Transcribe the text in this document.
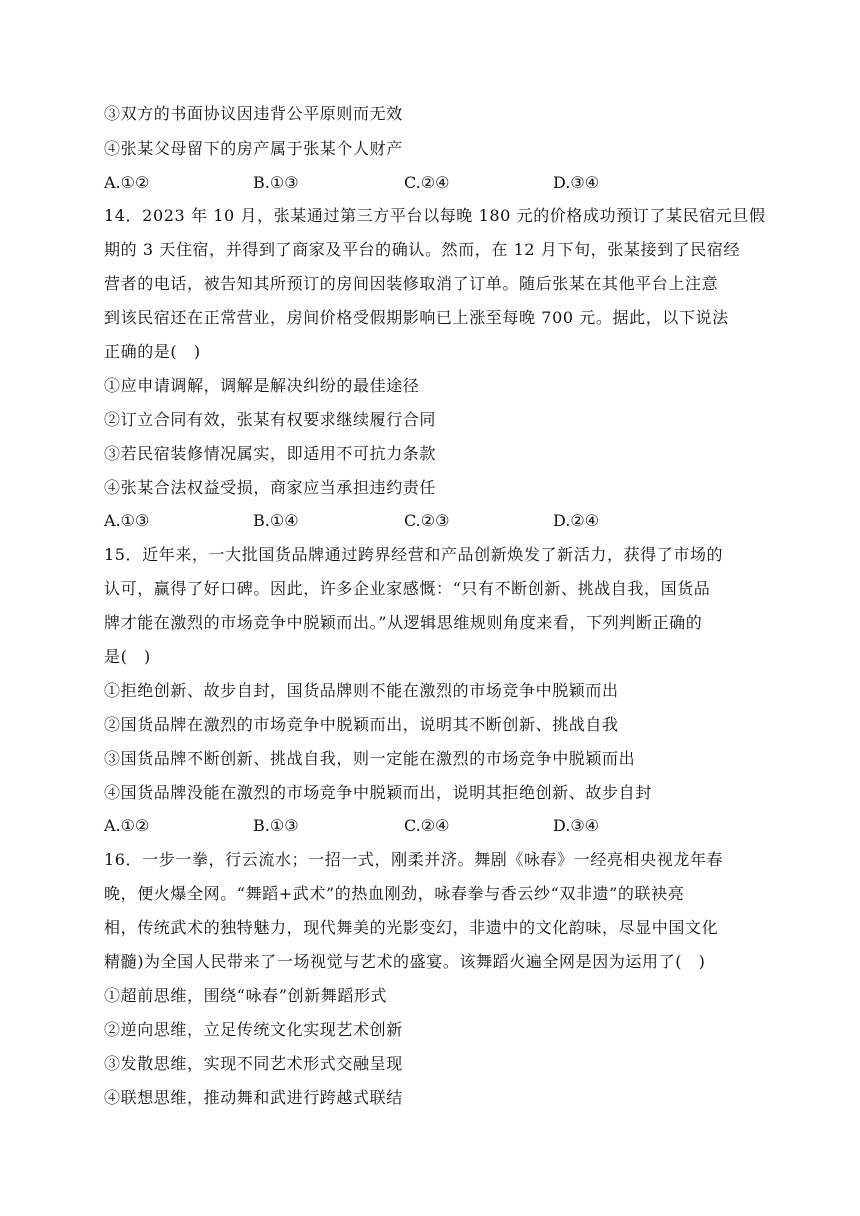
③双方的书面协议因违背公平原则而无效
④张某父母留下的房产属于张某个人财产
A.①②	B.①③	C.②④	D.③④
14．2023 年 10 月，张某通过第三方平台以每晚 180 元的价格成功预订了某民宿元旦假
期的 3 天住宿，并得到了商家及平台的确认。然而，在 12 月下旬，张某接到了民宿经
营者的电话，被告知其所预订的房间因装修取消了订单。随后张某在其他平台上注意
到该民宿还在正常营业，房间价格受假期影响已上涨至每晚 700 元。据此，以下说法
正确的是(　)
①应申请调解，调解是解决纠纷的最佳途径
②订立合同有效，张某有权要求继续履行合同
③若民宿装修情况属实，即适用不可抗力条款
④张某合法权益受损，商家应当承担违约责任
A.①③	B.①④	C.②③	D.②④
15．近年来，一大批国货品牌通过跨界经营和产品创新焕发了新活力，获得了市场的
认可，赢得了好口碑。因此，许多企业家感慨：“只有不断创新、挑战自我，国货品
牌才能在激烈的市场竞争中脱颖而出。”从逻辑思维规则角度来看，下列判断正确的
是(　)
①拒绝创新、故步自封，国货品牌则不能在激烈的市场竞争中脱颖而出
②国货品牌在激烈的市场竞争中脱颖而出，说明其不断创新、挑战自我
③国货品牌不断创新、挑战自我，则一定能在激烈的市场竞争中脱颖而出
④国货品牌没能在激烈的市场竞争中脱颖而出，说明其拒绝创新、故步自封
A.①②	B.①③	C.②④	D.③④
16．一步一拳，行云流水；一招一式，刚柔并济。舞剧《咏春》一经亮相央视龙年春
晚，便火爆全网。“舞蹈+武术”的热血刚劲，咏春拳与香云纱“双非遗”的联袂亮
相，传统武术的独特魅力，现代舞美的光影变幻，非遗中的文化韵味，尽显中国文化
精髓)为全国人民带来了一场视觉与艺术的盛宴。该舞蹈火遍全网是因为运用了(　)
①超前思维，围绕“咏春”创新舞蹈形式
②逆向思维，立足传统文化实现艺术创新
③发散思维，实现不同艺术形式交融呈现
④联想思维，推动舞和武进行跨越式联结
